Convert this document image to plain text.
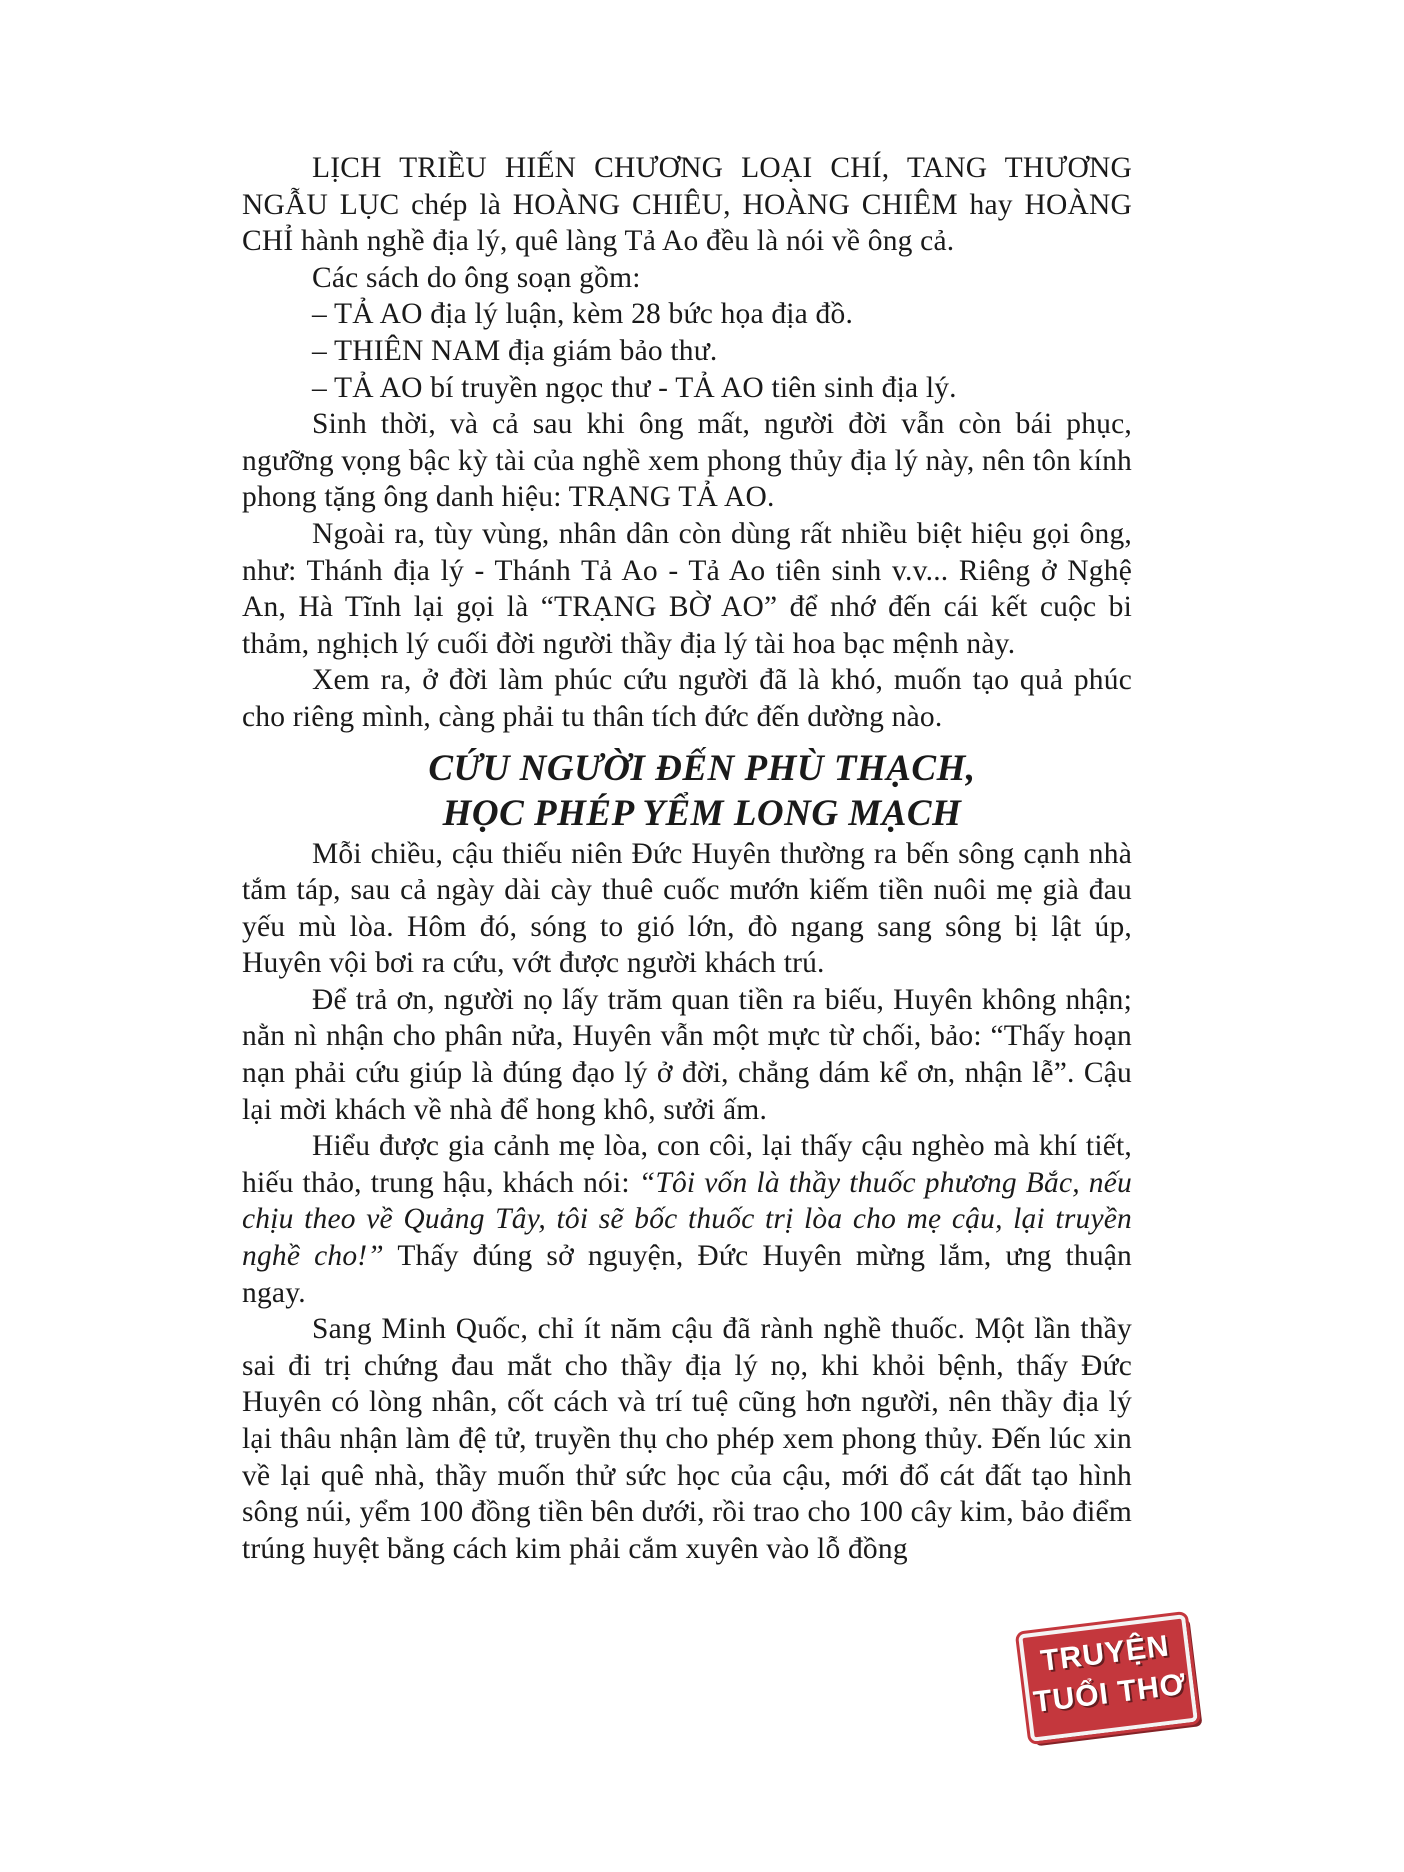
LỊCH TRIỀU HIẾN CHƯƠNG LOẠI CHÍ, TANG THƯƠNG NGẪU LỤC chép là HOÀNG CHIÊU, HOÀNG CHIÊM hay HOÀNG CHỈ hành nghề địa lý, quê làng Tả Ao đều là nói về ông cả.

Các sách do ông soạn gồm:

– TẢ AO địa lý luận, kèm 28 bức họa địa đồ.

– THIÊN NAM địa giám bảo thư.

– TẢ AO bí truyền ngọc thư - TẢ AO tiên sinh địa lý.

Sinh thời, và cả sau khi ông mất, người đời vẫn còn bái phục, ngưỡng vọng bậc kỳ tài của nghề xem phong thủy địa lý này, nên tôn kính phong tặng ông danh hiệu: TRẠNG TẢ AO.

Ngoài ra, tùy vùng, nhân dân còn dùng rất nhiều biệt hiệu gọi ông, như: Thánh địa lý - Thánh Tả Ao - Tả Ao tiên sinh v.v... Riêng ở Nghệ An, Hà Tĩnh lại gọi là “TRẠNG BỜ AO” để nhớ đến cái kết cuộc bi thảm, nghịch lý cuối đời người thầy địa lý tài hoa bạc mệnh này.

Xem ra, ở đời làm phúc cứu người đã là khó, muốn tạo quả phúc cho riêng mình, càng phải tu thân tích đức đến dường nào.

CỨU NGƯỜI ĐẾN PHÙ THẠCH,
HỌC PHÉP YỂM LONG MẠCH

Mỗi chiều, cậu thiếu niên Đức Huyên thường ra bến sông cạnh nhà tắm táp, sau cả ngày dài cày thuê cuốc mướn kiếm tiền nuôi mẹ già đau yếu mù lòa. Hôm đó, sóng to gió lớn, đò ngang sang sông bị lật úp, Huyên vội bơi ra cứu, vớt được người khách trú.

Để trả ơn, người nọ lấy trăm quan tiền ra biếu, Huyên không nhận; nằn nì nhận cho phân nửa, Huyên vẫn một mực từ chối, bảo: “Thấy hoạn nạn phải cứu giúp là đúng đạo lý ở đời, chẳng dám kể ơn, nhận lễ”. Cậu lại mời khách về nhà để hong khô, sưởi ấm.

Hiểu được gia cảnh mẹ lòa, con côi, lại thấy cậu nghèo mà khí tiết, hiếu thảo, trung hậu, khách nói: “Tôi vốn là thầy thuốc phương Bắc, nếu chịu theo về Quảng Tây, tôi sẽ bốc thuốc trị lòa cho mẹ cậu, lại truyền nghề cho!” Thấy đúng sở nguyện, Đức Huyên mừng lắm, ưng thuận ngay.

Sang Minh Quốc, chỉ ít năm cậu đã rành nghề thuốc. Một lần thầy sai đi trị chứng đau mắt cho thầy địa lý nọ, khi khỏi bệnh, thấy Đức Huyên có lòng nhân, cốt cách và trí tuệ cũng hơn người, nên thầy địa lý lại thâu nhận làm đệ tử, truyền thụ cho phép xem phong thủy. Đến lúc xin về lại quê nhà, thầy muốn thử sức học của cậu, mới đổ cát đất tạo hình sông núi, yểm 100 đồng tiền bên dưới, rồi trao cho 100 cây kim, bảo điểm trúng huyệt bằng cách kim phải cắm xuyên vào lỗ đồng

TRUYỆN
TUỔI THƠ
